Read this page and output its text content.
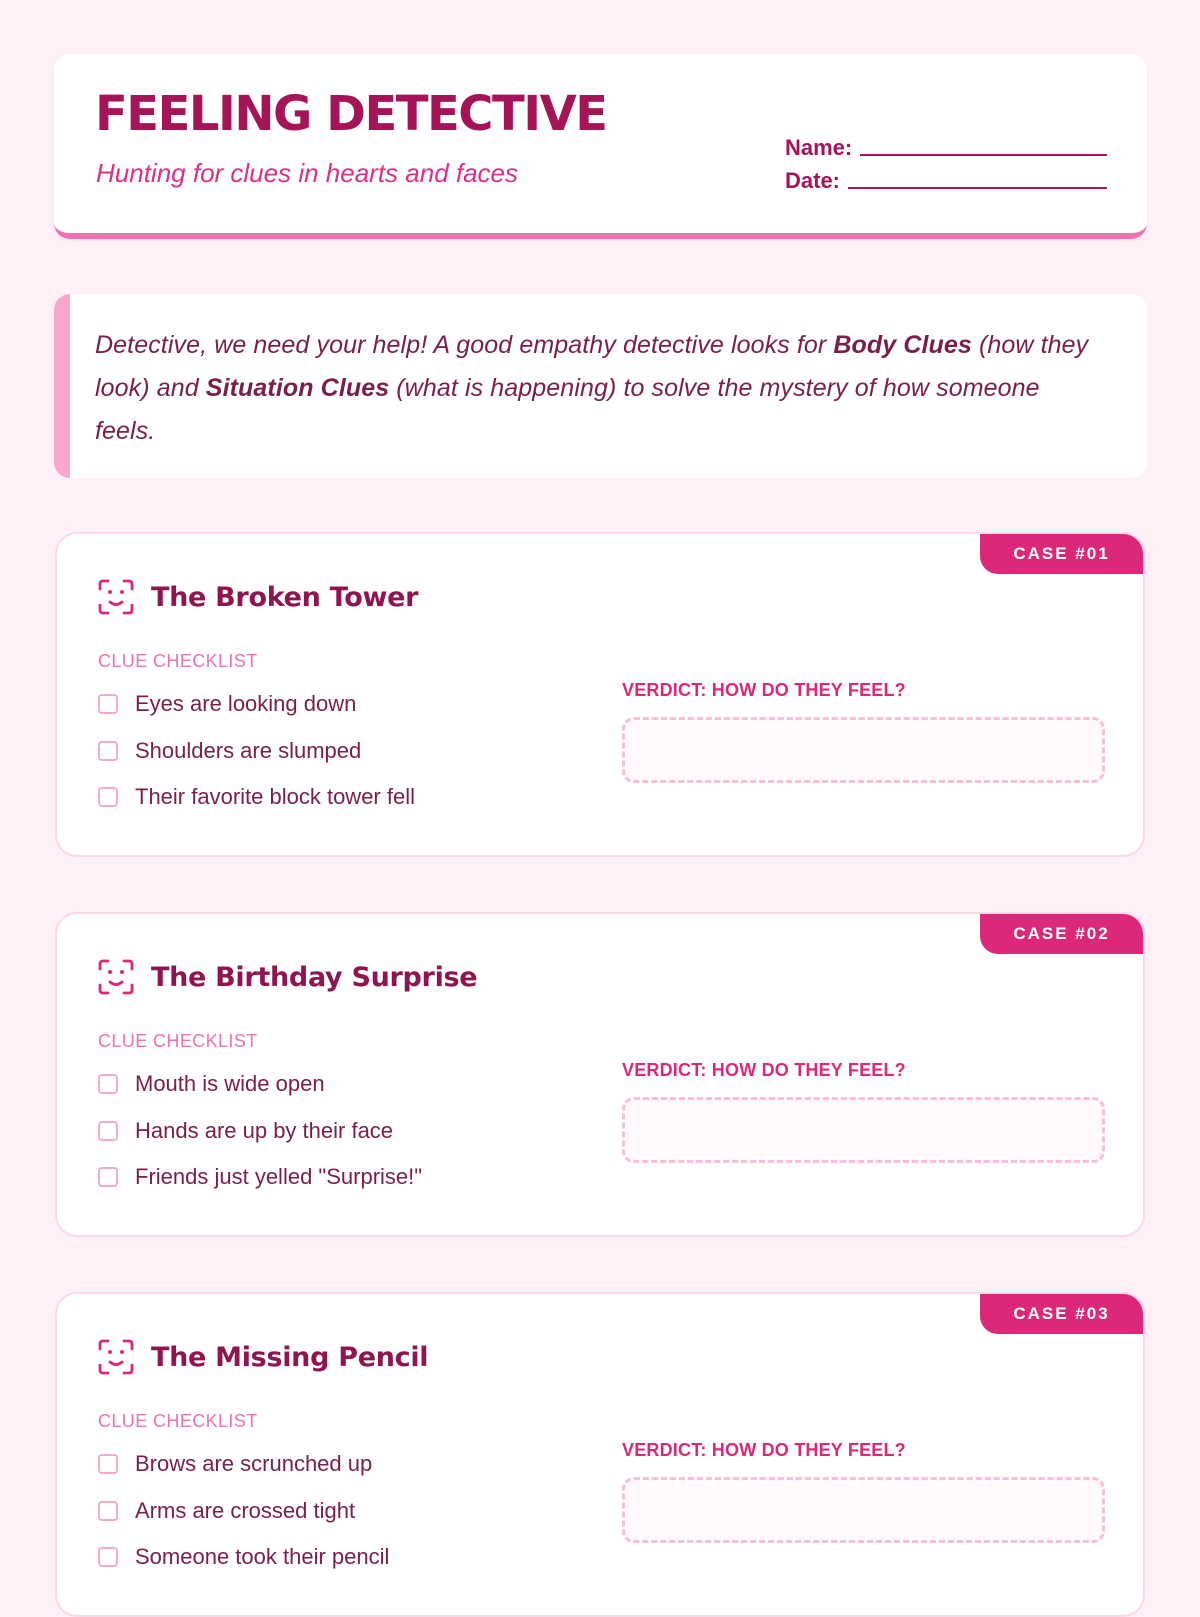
FEELING DETECTIVE
Hunting for clues in hearts and faces
Name:
Date:
Detective, we need your help! A good empathy detective looks for Body Clues (how they look) and Situation Clues (what is happening) to solve the mystery of how someone feels.
CASE #01
The Broken Tower
CLUE CHECKLIST
Eyes are looking down
Shoulders are slumped
Their favorite block tower fell
VERDICT: HOW DO THEY FEEL?
CASE #02
The Birthday Surprise
CLUE CHECKLIST
Mouth is wide open
Hands are up by their face
Friends just yelled "Surprise!"
VERDICT: HOW DO THEY FEEL?
CASE #03
The Missing Pencil
CLUE CHECKLIST
Brows are scrunched up
Arms are crossed tight
Someone took their pencil
VERDICT: HOW DO THEY FEEL?
